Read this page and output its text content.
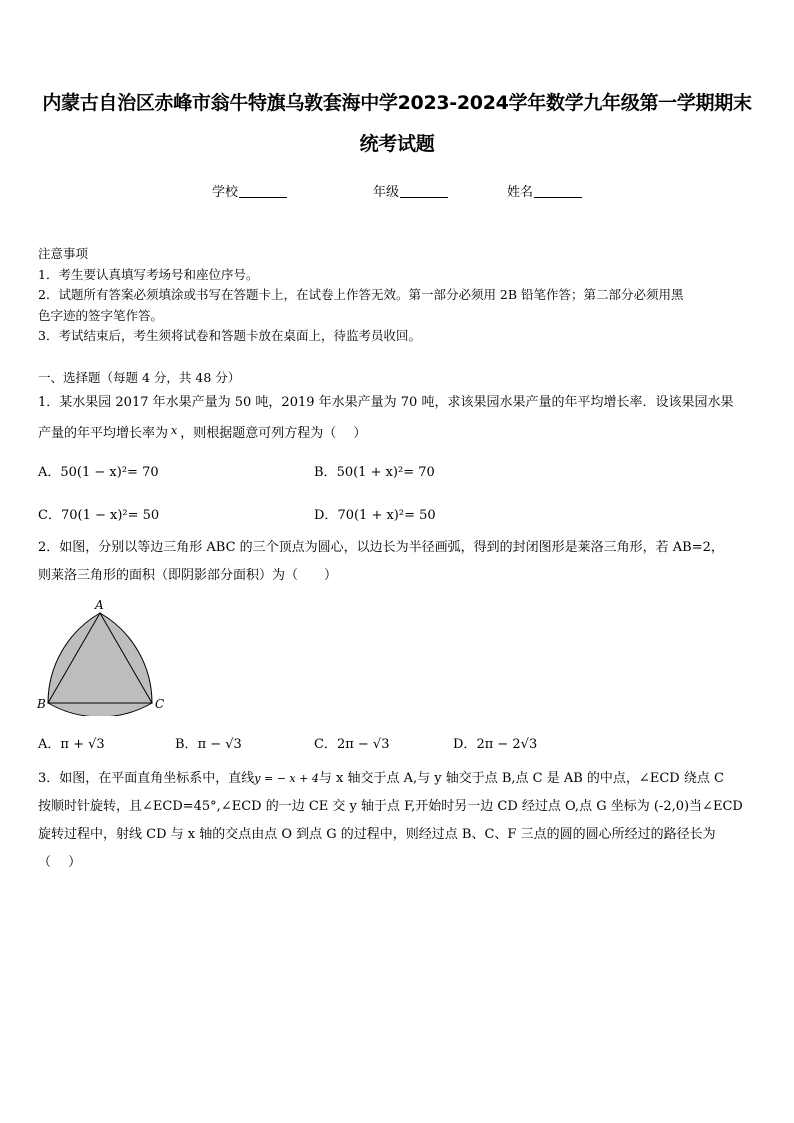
内蒙古自治区赤峰市翁牛特旗乌敦套海中学2023-2024学年数学九年级第一学期期末
统考试题
学校	年级	姓名
注意事项
1．考生要认真填写考场号和座位序号。
2．试题所有答案必须填涂或书写在答题卡上，在试卷上作答无效。第一部分必须用 2B 铅笔作答；第二部分必须用黑
色字迹的签字笔作答。
3．考试结束后，考生须将试卷和答题卡放在桌面上，待监考员收回。
一、选择题（每题 4 分，共 48 分）
1．某水果园 2017 年水果产量为 50 吨，2019 年水果产量为 70 吨，求该果园水果产量的年平均增长率．设该果园水果
产量的年平均增长率为 $^x$ ，则根据题意可列方程为（　 ）
A．50(1 − x)²= 70	B．50(1 + x)²= 70
C．70(1 − x)²= 50	D．70(1 + x)²= 50
2．如图，分别以等边三角形 ABC 的三个顶点为圆心，以边长为半径画弧，得到的封闭图形是莱洛三角形，若 AB=2，
则莱洛三角形的面积（即阴影部分面积）为（　　）
A
B	C
A．π + √3	B．π − √3	C．2π − √3	D．2π − 2√3
3．如图，在平面直角坐标系中，直线y = − x + 4与 x 轴交于点 A,与 y 轴交于点 B,点 C 是 AB 的中点，∠ECD 绕点 C
按顺时针旋转，且∠ECD=45°,∠ECD 的一边 CE 交 y 轴于点 F,开始时另一边 CD 经过点 O,点 G 坐标为 (-2,0)当∠ECD
旋转过程中，射线 CD 与 x 轴的交点由点 O 到点 G 的过程中，则经过点 B、C、F 三点的圆的圆心所经过的路径长为
（　 ）
